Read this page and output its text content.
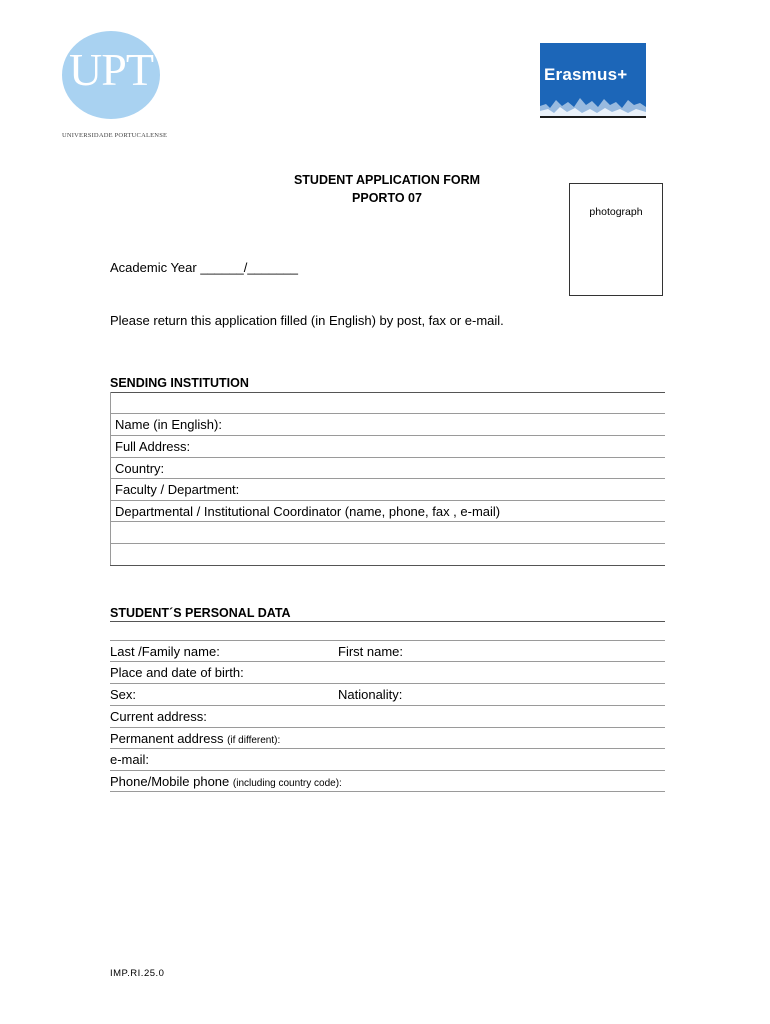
UPT
UNIVERSIDADE PORTUCALENSE
Erasmus+
STUDENT APPLICATION FORM
PPORTO 07
photograph
Academic Year ______/_______
Please return this application filled (in English) by post, fax or e-mail.
SENDING INSTITUTION
Name (in English):
Full Address:
Country:
Faculty / Department:
Departmental / Institutional Coordinator (name, phone, fax , e-mail)
STUDENT´S PERSONAL DATA
Last /Family name:	First name:
Place and date of birth:
Sex:	Nationality:
Current address:
Permanent address (if different):
e-mail:
Phone/Mobile phone (including country code):
IMP.RI.25.0
